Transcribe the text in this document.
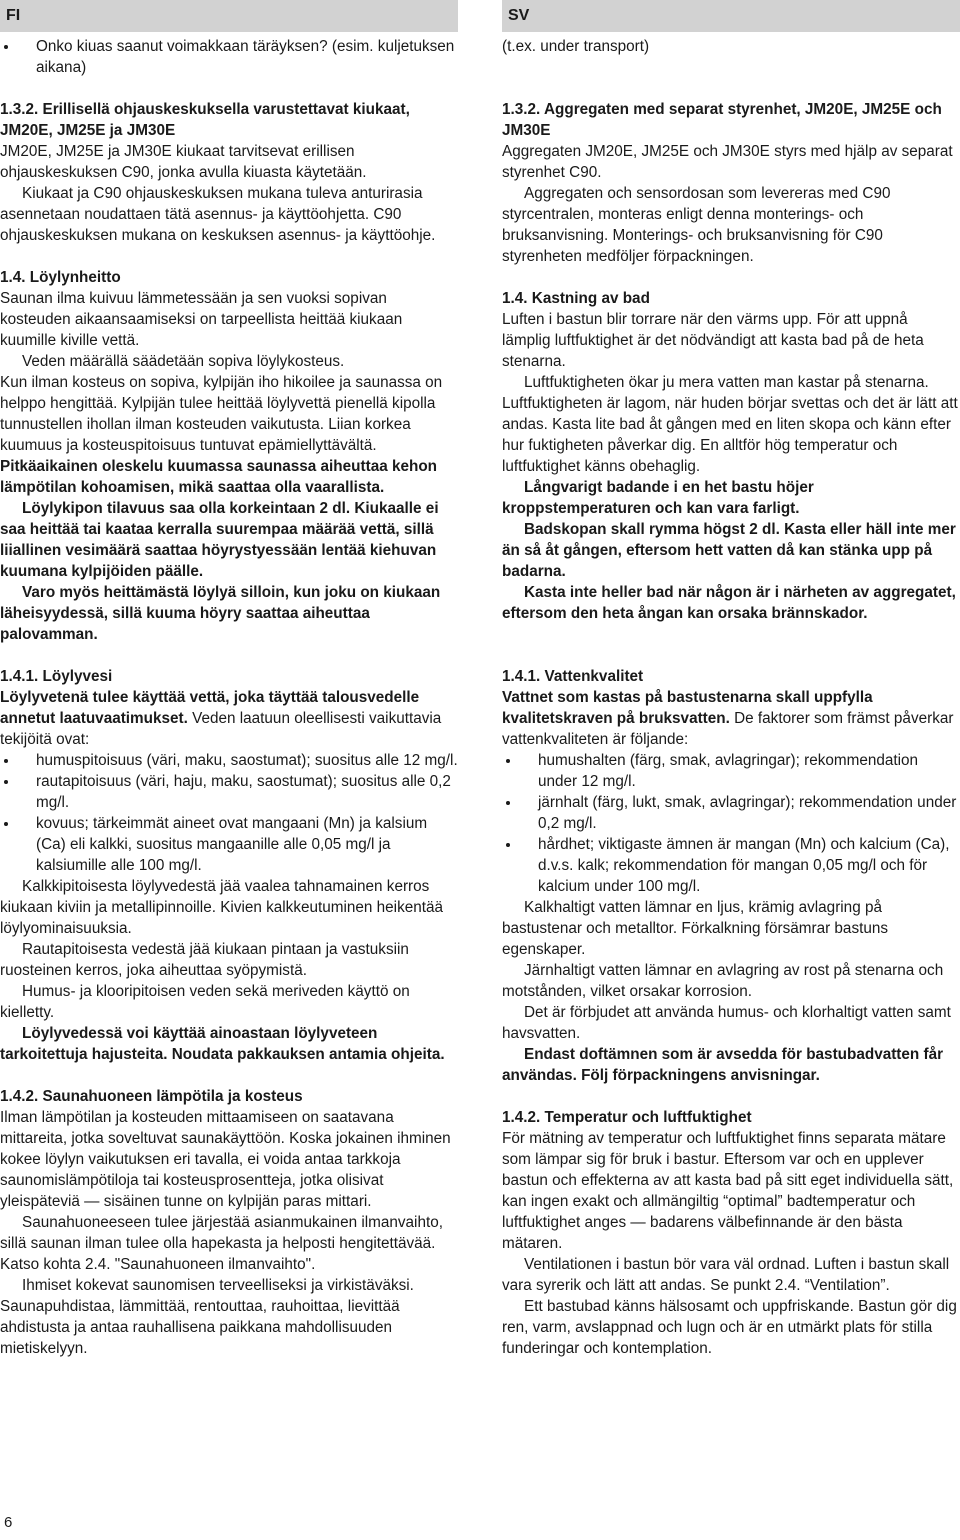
FI
Onko kiuas saanut voimakkaan täräyksen? (esim. kuljetuksen aikana)

1.3.2. Erillisellä ohjauskeskuksella varustettavat kiukaat, JM20E, JM25E ja JM30E

JM20E, JM25E ja JM30E kiukaat tarvitsevat erillisen ohjauskeskuksen C90, jonka avulla kiuasta käytetään.

Kiukaat ja C90 ohjauskeskuksen mukana tuleva anturirasia asennetaan noudattaen tätä asennus- ja käyttöohjetta. C90 ohjauskeskuksen mukana on keskuksen asennus- ja käyttöohje.

1.4. Löylynheitto

Saunan ilma kuivuu lämmetessään ja sen vuoksi sopivan kosteuden aikaansaamiseksi on tarpeellista heittää kiukaan kuumille kiville vettä.

Veden määrällä säädetään sopiva löylykosteus.

Kun ilman kosteus on sopiva, kylpijän iho hikoilee ja saunassa on helppo hengittää. Kylpijän tulee heittää löylyvettä pienellä kipolla tunnustellen ihollan ilman kosteuden vaikutusta. Liian korkea kuumuus ja kosteuspitoisuus tuntuvat epämiellyttävältä.

Pitkäaikainen oleskelu kuumassa saunassa aiheuttaa kehon lämpötilan kohoamisen, mikä saattaa olla vaarallista.

Löylykipon tilavuus saa olla korkeintaan 2 dl. Kiukaalle ei saa heittää tai kaataa kerralla suurempaa määrää vettä, sillä liiallinen vesimäärä saattaa höyrystyessään lentää kiehuvan kuumana kylpijöiden päälle.

Varo myös heittämästä löylyä silloin, kun joku on kiukaan läheisyydessä, sillä kuuma höyry saattaa aiheuttaa palovamman.

1.4.1. Löylyvesi

Löylyvetenä tulee käyttää vettä, joka täyttää talousvedelle annetut laatuvaatimukset. Veden laatuun oleellisesti vaikuttavia tekijöitä ovat:

humuspitoisuus (väri, maku, saostumat); suositus alle 12 mg/l.
rautapitoisuus (väri, haju, maku, saostumat); suositus alle 0,2 mg/l.
kovuus; tärkeimmät aineet ovat mangaani (Mn) ja kalsium (Ca) eli kalkki, suositus mangaanille alle 0,05 mg/l ja kalsiumille alle 100 mg/l.

Kalkkipitoisesta löylyvedestä jää vaalea tahnamainen kerros kiukaan kiviin ja metallipinnoille. Kivien kalkkeutuminen heikentää löylyominaisuuksia.

Rautapitoisesta vedestä jää kiukaan pintaan ja vastuksiin ruosteinen kerros, joka aiheuttaa syöpymistä.

Humus- ja klooripitoisen veden sekä meriveden käyttö on kielletty.

Löylyvedessä voi käyttää ainoastaan löylyveteen tarkoitettuja hajusteita. Noudata pakkauksen antamia ohjeita.

1.4.2. Saunahuoneen lämpötila ja kosteus

Ilman lämpötilan ja kosteuden mittaamiseen on saatavana mittareita, jotka soveltuvat saunakäyttöön. Koska jokainen ihminen kokee löylyn vaikutuksen eri tavalla, ei voida antaa tarkkoja saunomislämpötiloja tai kosteusprosentteja, jotka olisivat yleispäteviä — sisäinen tunne on kylpijän paras mittari.

Saunahuoneeseen tulee järjestää asianmukainen ilmanvaihto, sillä saunan ilman tulee olla hapekasta ja helposti hengitettävää. Katso kohta 2.4. "Saunahuoneen ilmanvaihto".

Ihmiset kokevat saunomisen terveelliseksi ja virkistäväksi. Saunapuhdistaa, lämmittää, rentouttaa, rauhoittaa, lievittää ahdistusta ja antaa rauhallisena paikkana mahdollisuuden mietiskelyyn.

SV

(t.ex. under transport)

1.3.2. Aggregaten med separat styrenhet, JM20E, JM25E och JM30E

Aggregaten JM20E, JM25E och JM30E styrs med hjälp av separat styrenhet C90.

Aggregaten och sensordosan som levereras med C90 styrcentralen, monteras enligt denna monterings- och bruksanvisning. Monterings- och bruksanvisning för C90 styrenheten medföljer förpackningen.

1.4. Kastning av bad

Luften i bastun blir torrare när den värms upp. För att uppnå lämplig luftfuktighet är det nödvändigt att kasta bad på de heta stenarna.

Luftfuktigheten ökar ju mera vatten man kastar på stenarna. Luftfuktigheten är lagom, när huden börjar svettas och det är lätt att andas. Kasta lite bad åt gången med en liten skopa och känn efter hur fuktigheten påverkar dig. En alltför hög temperatur och luftfuktighet känns obehaglig.

Långvarigt badande i en het bastu höjer kroppstemperaturen och kan vara farligt.

Badskopan skall rymma högst 2 dl. Kasta eller häll inte mer än så åt gången, eftersom hett vatten då kan stänka upp på badarna.

Kasta inte heller bad när någon är i närheten av aggregatet, eftersom den heta ångan kan orsaka brännskador.

1.4.1. Vattenkvalitet

Vattnet som kastas på bastustenarna skall uppfylla kvalitetskraven på bruksvatten. De faktorer som främst påverkar vattenkvaliteten är följande:

humushalten (färg, smak, avlagringar); rekommendation under 12 mg/l.
järnhalt (färg, lukt, smak, avlagringar); rekommendation under 0,2 mg/l.
hårdhet; viktigaste ämnen är mangan (Mn) och kalcium (Ca), d.v.s. kalk; rekommendation för mangan 0,05 mg/l och för kalcium under 100 mg/l.

Kalkhaltigt vatten lämnar en ljus, krämig avlagring på bastustenar och metalltor. Förkalkning försämrar bastuns egenskaper.

Järnhaltigt vatten lämnar en avlagring av rost på stenarna och motstånden, vilket orsakar korrosion.

Det är förbjudet att använda humus- och klorhaltigt vatten samt havsvatten.

Endast doftämnen som är avsedda för bastubadvatten får användas. Följ förpackningens anvisningar.

1.4.2. Temperatur och luftfuktighet

För mätning av temperatur och luftfuktighet finns separata mätare som lämpar sig för bruk i bastur. Eftersom var och en upplever bastun och effekterna av att kasta bad på sitt eget individuella sätt, kan ingen exakt och allmängiltig “optimal” badtemperatur och luftfuktighet anges — badarens välbefinnande är den bästa mätaren.

Ventilationen i bastun bör vara väl ordnad. Luften i bastun skall vara syrerik och lätt att andas. Se punkt 2.4. “Ventilation”.

Ett bastubad känns hälsosamt och uppfriskande. Bastun gör dig ren, varm, avslappnad och lugn och är en utmärkt plats för stilla funderingar och kontemplation.

6
